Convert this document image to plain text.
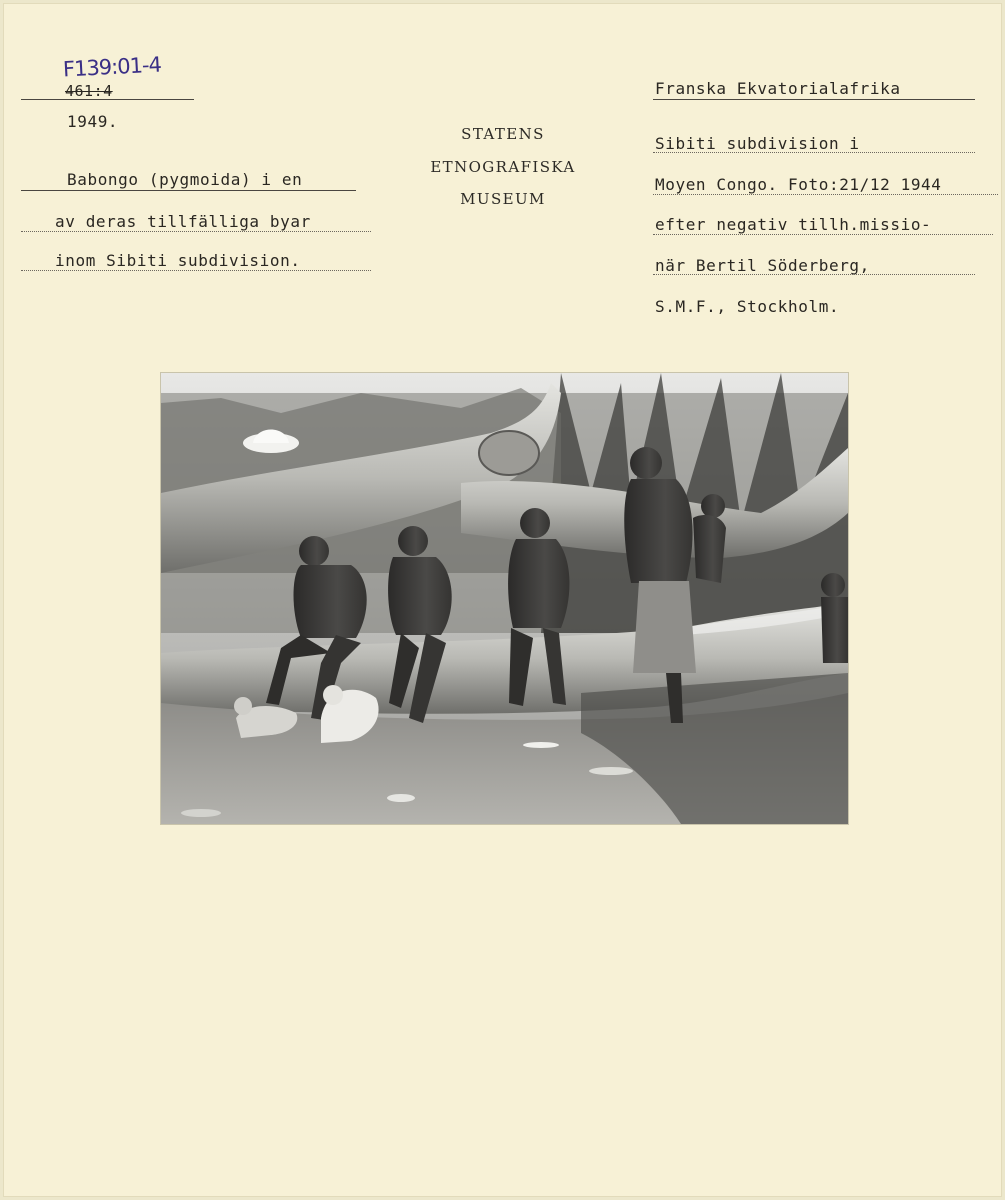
F139:01-4
461:4
1949.
Babongo (pygmoida) i en
av deras tillfälliga byar
inom Sibiti subdivision.
STATENS
ETNOGRAFISKA
MUSEUM
Franska Ekvatorialafrika
Sibiti subdivision i
Moyen Congo. Foto:21/12 1944
efter negativ tillh.missio-
när Bertil Söderberg,
S.M.F., Stockholm.
